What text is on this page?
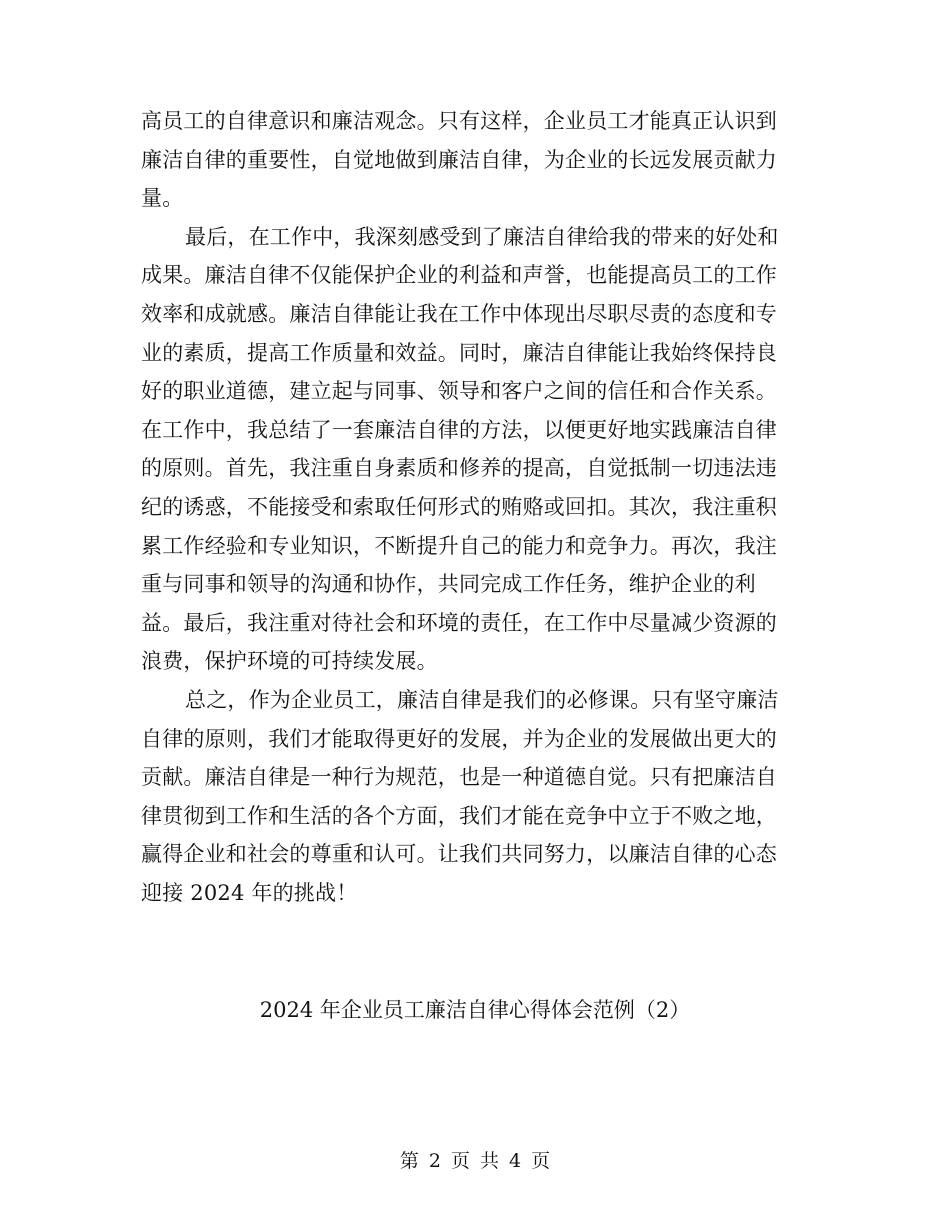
高员工的自律意识和廉洁观念。只有这样，企业员工才能真正认识到
廉洁自律的重要性，自觉地做到廉洁自律，为企业的长远发展贡献力
量。
最后，在工作中，我深刻感受到了廉洁自律给我的带来的好处和
成果。廉洁自律不仅能保护企业的利益和声誉，也能提高员工的工作
效率和成就感。廉洁自律能让我在工作中体现出尽职尽责的态度和专
业的素质，提高工作质量和效益。同时，廉洁自律能让我始终保持良
好的职业道德，建立起与同事、领导和客户之间的信任和合作关系。
在工作中，我总结了一套廉洁自律的方法，以便更好地实践廉洁自律
的原则。首先，我注重自身素质和修养的提高，自觉抵制一切违法违
纪的诱惑，不能接受和索取任何形式的贿赂或回扣。其次，我注重积
累工作经验和专业知识，不断提升自己的能力和竞争力。再次，我注
重与同事和领导的沟通和协作，共同完成工作任务，维护企业的利
益。最后，我注重对待社会和环境的责任，在工作中尽量减少资源的
浪费，保护环境的可持续发展。
总之，作为企业员工，廉洁自律是我们的必修课。只有坚守廉洁
自律的原则，我们才能取得更好的发展，并为企业的发展做出更大的
贡献。廉洁自律是一种行为规范，也是一种道德自觉。只有把廉洁自
律贯彻到工作和生活的各个方面，我们才能在竞争中立于不败之地，
赢得企业和社会的尊重和认可。让我们共同努力，以廉洁自律的心态
迎接 2024 年的挑战！
2024 年企业员工廉洁自律心得体会范例（2）
第 2 页 共 4 页
